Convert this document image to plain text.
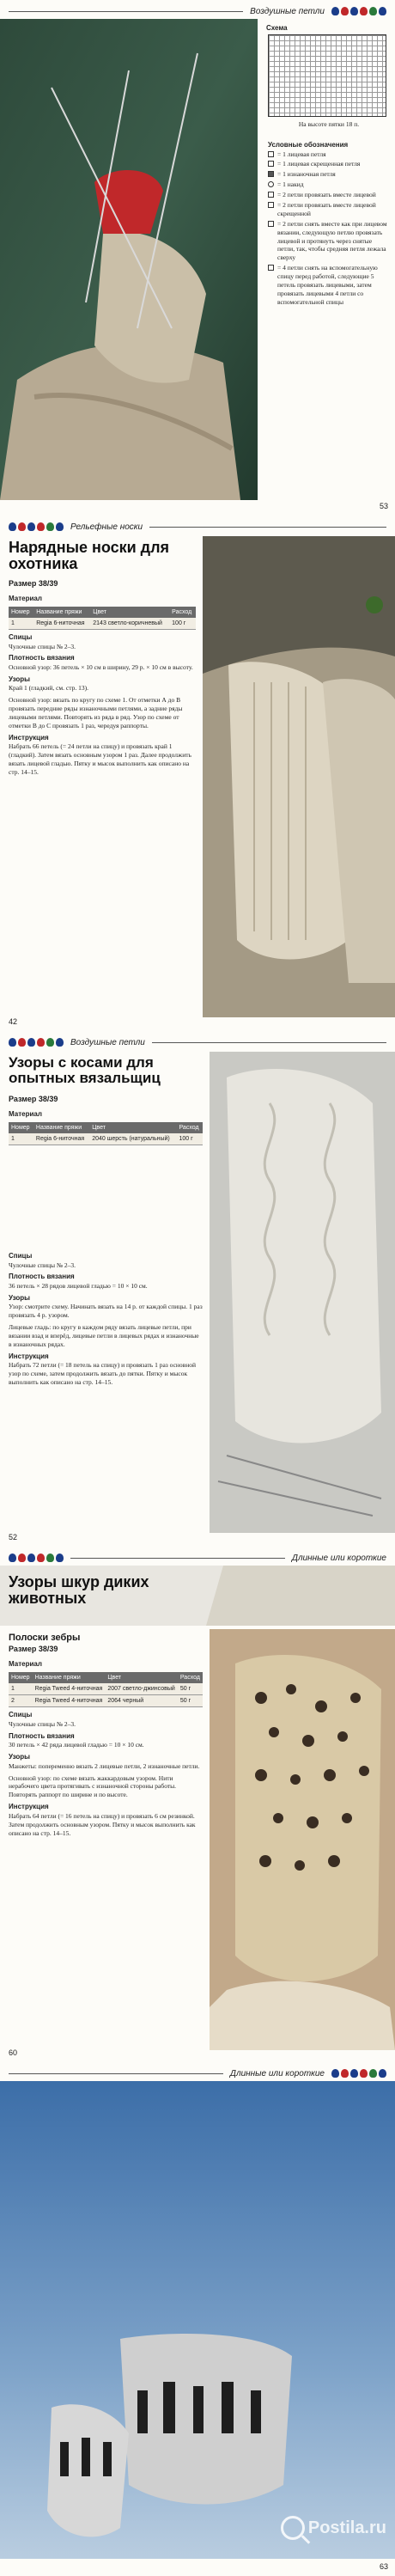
Воздушные петли
Схема
На высоте пятки 18 п.
Условные обозначения
= 1 лицевая петля
= 1 лицевая скрещенная петля
= 1 изнаночная петля
= 1 накид
= 2 петли провязать вместе лицевой
= 2 петли провязать вместе лицевой скрещенной
= 2 петли снять вместе как при лицевом вязании, следующую петлю провязать лицевой и протянуть через снятые петли, так, чтобы средняя петля лежала сверху
= 4 петли снять на вспомогательную спицу перед работой, следующие 5 петель провязать лицевыми, затем провязать лицевыми 4 петли со вспомогательной спицы
53
Рельефные носки
Нарядные носки для охотника
Размер 38/39
Материал
Номер	Название пряжи	Цвет	Расход
1	Regia 6-ниточная	2143 светло-коричневый	100 г
Спицы
Чулочные спицы № 2–3.
Плотность вязания
Основной узор: 36 петель × 10 см в ширину, 29 р. × 10 см в высоту.
Узоры
Край 1 (гладкий, см. стр. 13).
Основной узор: вязать по кругу по схеме 1. От отметки А до В провязать передние ряды изнаночными петлями, а задние ряды лицевыми петлями. Повторять из ряда в ряд. Узор по схеме от отметки В до С провязать 1 раз, чередуя раппорты.
Инструкция
Набрать 66 петель (= 24 петли на спицу) и провязать край 1 (гладкий). Затем вязать основным узором 1 раз. Далее продолжить вязать лицевой гладью. Пятку и мысок выполнить как описано на стр. 14–15.
42
Воздушные петли
Узоры с косами для опытных вязальщиц
Размер 38/39
Материал
Номер	Название пряжи	Цвет	Расход
1	Regia 6-ниточная	2040 шерсть (натуральный)	100 г
Спицы
Чулочные спицы № 2–3.
Плотность вязания
36 петель × 28 рядов лицевой гладью = 10 × 10 см.
Узоры
Узор: смотрите схему. Начинать вязать на 14 р. от каждой спицы. 1 раз провязать 4 р. узором.
Лицевые гладь: по кругу в каждом ряду вязать лицевые петли, при вязании взад и вперёд, лицевые петли в лицевых рядах и изнаночные в изнаночных рядах.
Инструкция
Набрать 72 петли (= 18 петель на спицу) и провязать 1 раз основной узор по схеме, затем продолжить вязать до пятки. Пятку и мысок выполнить как описано на стр. 14–15.
52
Длинные или короткие
Узоры шкур диких животных
Полоски зебры
Размер 38/39
Материал
Номер	Название пряжи	Цвет	Расход
1	Regia Tweed 4-ниточная	2007 светло-джинсовый	50 г
2	Regia Tweed 4-ниточная	2064 черный	50 г
Спицы
Чулочные спицы № 2–3.
Плотность вязания
30 петель × 42 ряда лицевой гладью = 10 × 10 см.
Узоры
Манжеты: попеременно вязать 2 лицевые петли, 2 изнаночные петли.
Основной узор: по схеме вязать жаккардовым узором. Нити нерабочего цвета протягивать с изнаночной стороны работы. Повторять раппорт по ширине и по высоте.
Инструкция
Набрать 64 петли (= 16 петель на спицу) и провязать 6 см резинкой. Затем продолжить основным узором. Пятку и мысок выполнить как описано на стр. 14–15.
60
Длинные или короткие
Postila.ru
63
